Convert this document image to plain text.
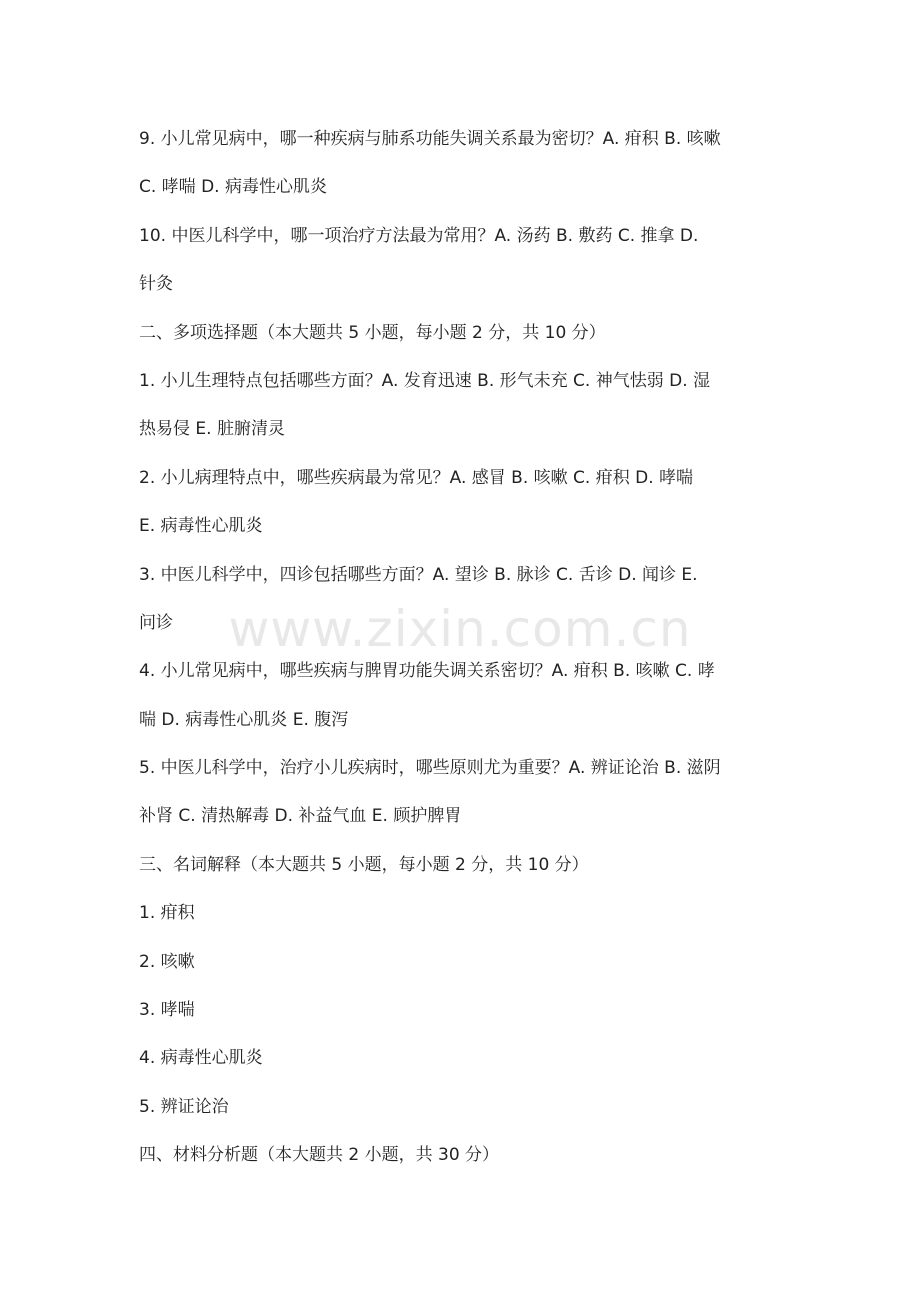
9. 小儿常见病中，哪一种疾病与肺系功能失调关系最为密切？A. 疳积 B. 咳嗽
C. 哮喘 D. 病毒性心肌炎
10. 中医儿科学中，哪一项治疗方法最为常用？A. 汤药 B. 敷药 C. 推拿 D.
针灸
二、多项选择题（本大题共 5 小题，每小题 2 分，共 10 分）
1. 小儿生理特点包括哪些方面？A. 发育迅速 B. 形气未充 C. 神气怯弱 D. 湿
热易侵 E. 脏腑清灵
2. 小儿病理特点中，哪些疾病最为常见？A. 感冒 B. 咳嗽 C. 疳积 D. 哮喘
E. 病毒性心肌炎
3. 中医儿科学中，四诊包括哪些方面？A. 望诊 B. 脉诊 C. 舌诊 D. 闻诊 E.
问诊
4. 小儿常见病中，哪些疾病与脾胃功能失调关系密切？A. 疳积 B. 咳嗽 C. 哮
喘 D. 病毒性心肌炎 E. 腹泻
5. 中医儿科学中，治疗小儿疾病时，哪些原则尤为重要？A. 辨证论治 B. 滋阴
补肾 C. 清热解毒 D. 补益气血 E. 顾护脾胃
三、名词解释（本大题共 5 小题，每小题 2 分，共 10 分）
1. 疳积
2. 咳嗽
3. 哮喘
4. 病毒性心肌炎
5. 辨证论治
四、材料分析题（本大题共 2 小题，共 30 分）
www.zixin.com.cn
